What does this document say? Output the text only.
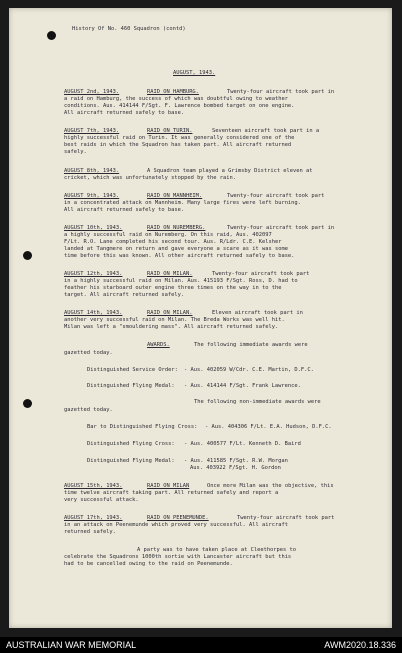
History Of No. 460 Squadron (contd)
AUGUST, 1943.
AUGUST 2nd, 1943.	RAID ON HAMBURG.	Twenty-four aircraft took part in
a raid on Hamburg, the success of which was doubtful owing to weather
conditions. Aus. 414144 F/Sgt. F. Lawrence bombed target on one engine.
All aircraft returned safely to base.
AUGUST 7th, 1943.	RAID ON TURIN.	Seventeen aircraft took part in a
highly successful raid on Turin. It was generally considered one of the
best raids in which the Squadron has taken part. All aircraft returned
safely.
AUGUST 8th, 1943.	A Squadron team played a Grimsby District eleven at
cricket, which was unfortunately stopped by the rain.
AUGUST 9th, 1943.	RAID ON MANNHEIM.	Twenty-four aircraft took part
in a concentrated attack on Mannheim. Many large fires were left burning.
All aircraft returned safely to base.
AUGUST 10th, 1943.	RAID ON NUREMBERG.	Twenty-four aircraft took part in
a highly successful raid on Nuremberg. On this raid, Aus. 402097
F/Lt. R.O. Lane completed his second tour. Aus. R/Ldr. C.E. Kelsher
landed at Tangmere on return and gave everyone a scare as it was some
time before this was known. All other aircraft returned safely to base.
AUGUST 12th, 1943.	RAID ON MILAN.	Twenty-four aircraft took part
in a highly successful raid on Milan. Aus. 415193 F/Sgt. Ross, D. had to
feather his starboard outer engine three times on the way in to the
target. All aircraft returned safely.
AUGUST 14th, 1943.	RAID ON MILAN.	Eleven aircraft took part in
another very successful raid on Milan. The Breda Works was well hit.
Milan was left a "smouldering mass". All aircraft returned safely.
AWARDS.	The following immediate awards were
gazetted today.
Distinguished Service Order: - Aus. 402059 W/Cdr. C.E. Martin, D.F.C.
Distinguished Flying Medal: - Aus. 414144 F/Sgt. Frank Lawrence.
The following non-immediate awards were
gazetted today.
Bar to Distinguished Flying Cross: - Aus. 404306 F/Lt. E.A. Hudson, D.F.C.
Distinguished Flying Cross: - Aus. 400577 F/Lt. Kenneth D. Baird
Distinguished Flying Medal: - Aus. 411585 F/Sgt. R.W. Morgan
Aus. 403922 F/Sgt. H. Gordon
AUGUST 15th, 1943.	RAID ON MILAN	Once more Milan was the objective, this
time twelve aircraft taking part. All returned safely and report a
very successful attack.
AUGUST 17th, 1943.	RAID ON PEENEMUNDE.	Twenty-four aircraft took part
in an attack on Peenemunde which proved very successful. All aircraft
returned safely.
A party was to have taken place at Cleethorpes to
celebrate the Squadrons 1000th sortie with Lancaster aircraft but this
had to be cancelled owing to the raid on Peenemunde.
AUSTRALIAN WAR MEMORIAL	AWM2020.18.336
